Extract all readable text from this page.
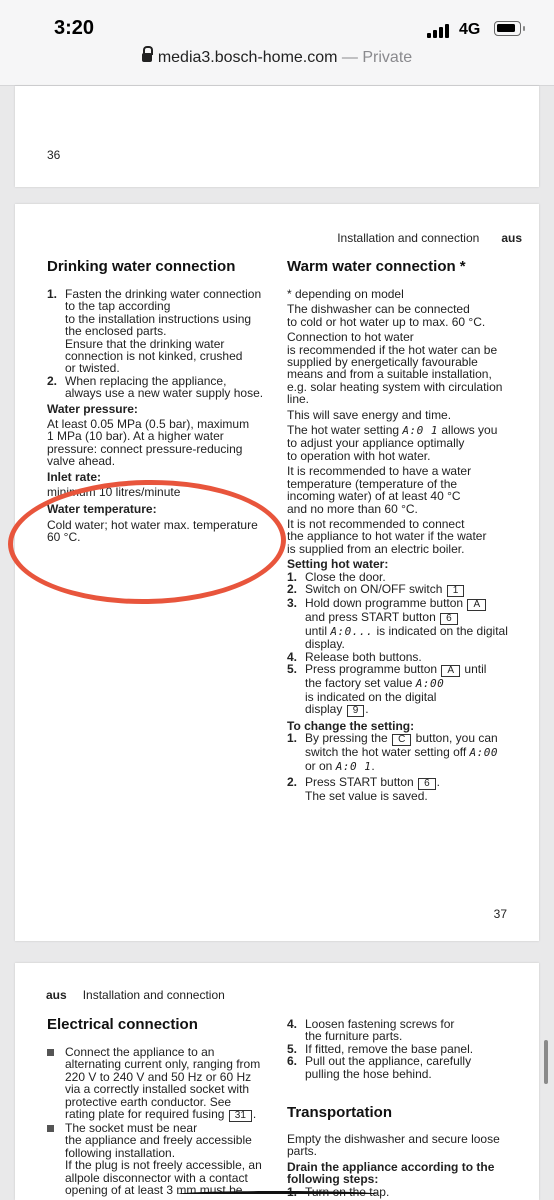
3:20	4G
media3.bosch-home.com — Private
36
Installation and connection aus
Drinking water connection
1. Fasten the drinking water connection
to the tap according
to the installation instructions using
the enclosed parts.
Ensure that the drinking water
connection is not kinked, crushed
or twisted.
2. When replacing the appliance,
always use a new water supply hose.
Water pressure:
At least 0.05 MPa (0.5 bar), maximum
1 MPa (10 bar). At a higher water
pressure: connect pressure-reducing
valve ahead.
Inlet rate:
minimum 10 litres/minute
Water temperature:
Cold water; hot water max. temperature
60 °C.
Warm water connection *
* depending on model
The dishwasher can be connected
to cold or hot water up to max. 60 °C.
Connection to hot water
is recommended if the hot water can be
supplied by energetically favourable
means and from a suitable installation,
e.g. solar heating system with circulation
line.
This will save energy and time.
The hot water setting A:0 1 allows you
to adjust your appliance optimally
to operation with hot water.
It is recommended to have a water
temperature (temperature of the
incoming water) of at least 40 °C
and no more than 60 °C.
It is not recommended to connect
the appliance to hot water if the water
is supplied from an electric boiler.
Setting hot water:
1. Close the door.
2. Switch on ON/OFF switch 1
3. Hold down programme button A
and press START button 6
until A:0... is indicated on the digital
display.
4. Release both buttons.
5. Press programme button A until
the factory set value A:00
is indicated on the digital
display 9 .
To change the setting:
1. By pressing the C button, you can
switch the hot water setting off A:00
or on A:0 1.
2. Press START button 6 .
The set value is saved.
37
aus Installation and connection
Electrical connection
Connect the appliance to an
alternating current only, ranging from
220 V to 240 V and 50 Hz or 60 Hz
via a correctly installed socket with
protective earth conductor. See
rating plate for required fusing 31 .
The socket must be near
the appliance and freely accessible
following installation.
If the plug is not freely accessible, an
allpole disconnector with a contact
opening of at least 3 mm must be
4. Loosen fastening screws for
the furniture parts.
5. If fitted, remove the base panel.
6. Pull out the appliance, carefully
pulling the hose behind.
Transportation
Empty the dishwasher and secure loose
parts.
Drain the appliance according to the
following steps:
1. Turn on the tap.
